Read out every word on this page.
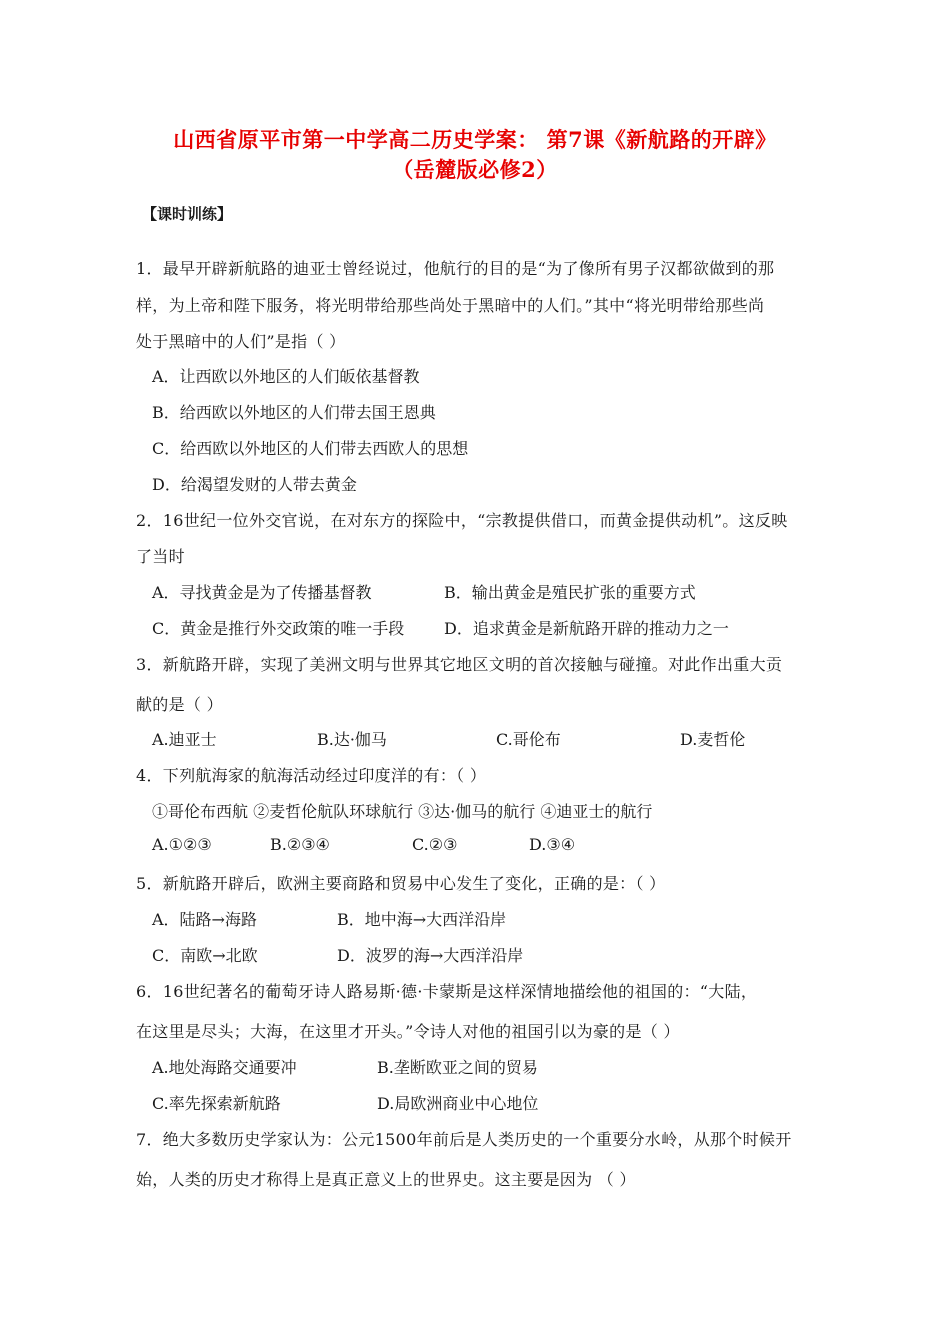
山西省原平市第一中学高二历史学案： 第7课《新航路的开辟》
（岳麓版必修2）
【课时训练】
1．最早开辟新航路的迪亚士曾经说过，他航行的目的是“为了像所有男子汉都欲做到的那
样，为上帝和陛下服务，将光明带给那些尚处于黑暗中的人们。”其中“将光明带给那些尚
处于黑暗中的人们”是指（ ）
A．让西欧以外地区的人们皈依基督教
B．给西欧以外地区的人们带去国王恩典
C．给西欧以外地区的人们带去西欧人的思想
D．给渴望发财的人带去黄金
2．16世纪一位外交官说，在对东方的探险中，“宗教提供借口，而黄金提供动机”。这反映
了当时
A．寻找黄金是为了传播基督教	B．输出黄金是殖民扩张的重要方式
C．黄金是推行外交政策的唯一手段 D．追求黄金是新航路开辟的推动力之一
3．新航路开辟，实现了美洲文明与世界其它地区文明的首次接触与碰撞。对此作出重大贡
献的是（ ）
A.迪亚士	B.达·伽马	C.哥伦布	D.麦哲伦
4．下列航海家的航海活动经过印度洋的有：（ ）
①哥伦布西航 ②麦哲伦航队环球航行 ③达·伽马的航行 ④迪亚士的航行
A.①②③	B.②③④	C.②③	D.③④
5．新航路开辟后，欧洲主要商路和贸易中心发生了变化，正确的是：（ ）
A．陆路→海路	B．地中海→大西洋沿岸
C．南欧→北欧	D．波罗的海→大西洋沿岸
6．16世纪著名的葡萄牙诗人路易斯·德·卡蒙斯是这样深情地描绘他的祖国的：“大陆，
在这里是尽头；大海，在这里才开头。”令诗人对他的祖国引以为豪的是（ ）
A.地处海路交通要冲	B.垄断欧亚之间的贸易
C.率先探索新航路	D.局欧洲商业中心地位
7．绝大多数历史学家认为：公元1500年前后是人类历史的一个重要分水岭，从那个时候开
始，人类的历史才称得上是真正意义上的世界史。这主要是因为 （ ）
